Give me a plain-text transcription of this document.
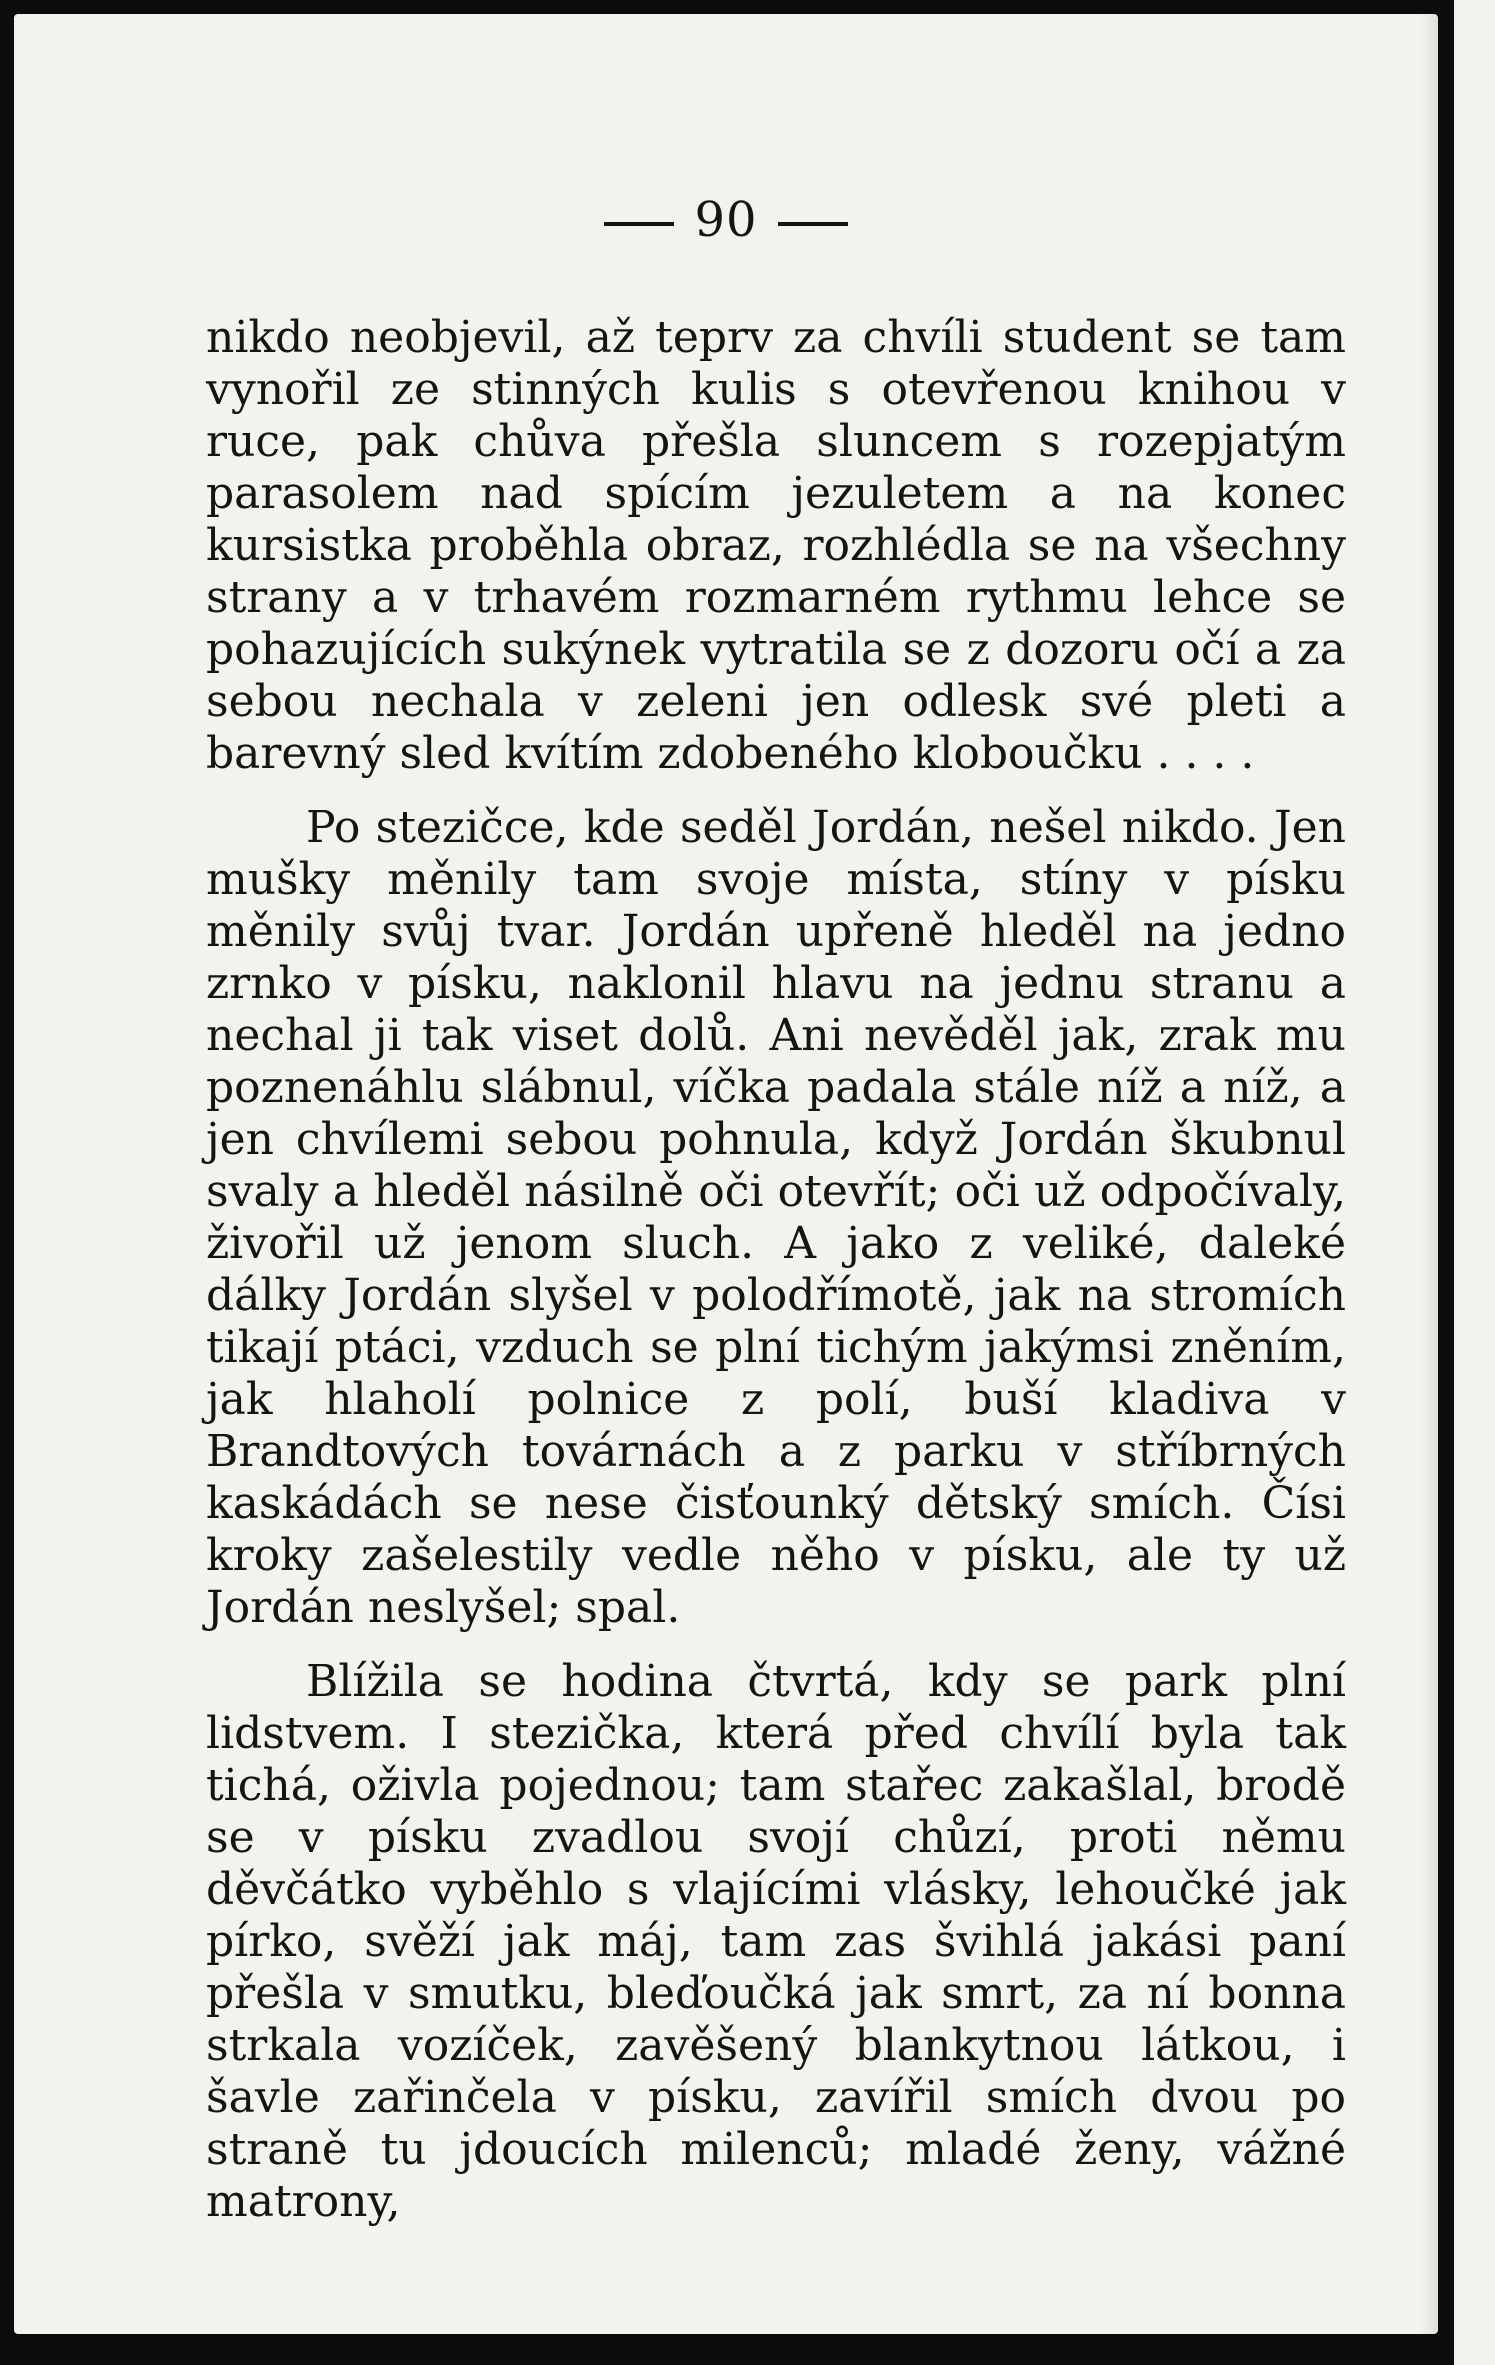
90

nikdo neobjevil, až teprv za chvíli student se tam vynořil ze stinných kulis s otevřenou knihou v ruce, pak chůva přešla sluncem s rozepjatým parasolem nad spícím jezuletem a na konec kursistka proběhla obraz, rozhlédla se na všechny strany a v trhavém rozmarném rythmu lehce se pohazujících sukýnek vytratila se z dozoru očí a za sebou nechala v zeleni jen odlesk své pleti a barevný sled kvítím zdobeného kloboučku . . . .

Po stezičce, kde seděl Jordán, nešel nikdo. Jen mušky měnily tam svoje místa, stíny v písku měnily svůj tvar. Jordán upřeně hleděl na jedno zrnko v písku, naklonil hlavu na jednu stranu a nechal ji tak viset dolů. Ani nevěděl jak, zrak mu poznenáhlu slábnul, víčka padala stále níž a níž, a jen chvílemi sebou pohnula, když Jordán škubnul svaly a hleděl násilně oči otevřít; oči už odpočívaly, živořil už jenom sluch. A jako z veliké, daleké dálky Jordán slyšel v polodřímotě, jak na stromích tikají ptáci, vzduch se plní tichým jakýmsi zněním, jak hlaholí polnice z polí, buší kladiva v Brandtových továrnách a z parku v stříbrných kaskádách se nese čisťounký dětský smích. Čísi kroky zašelestily vedle něho v písku, ale ty už Jordán neslyšel; spal.

Blížila se hodina čtvrtá, kdy se park plní lidstvem. I stezička, která před chvílí byla tak tichá, oživla pojednou; tam stařec zakašlal, brodě se v písku zvadlou svojí chůzí, proti němu děvčátko vyběhlo s vlajícími vlásky, lehoučké jak pírko, svěží jak máj, tam zas švihlá jakási paní přešla v smutku, bleďoučká jak smrt, za ní bonna strkala vozíček, zavěšený blankytnou látkou, i šavle zařinčela v písku, zavířil smích dvou po straně tu jdoucích milenců; mladé ženy, vážné matrony,
